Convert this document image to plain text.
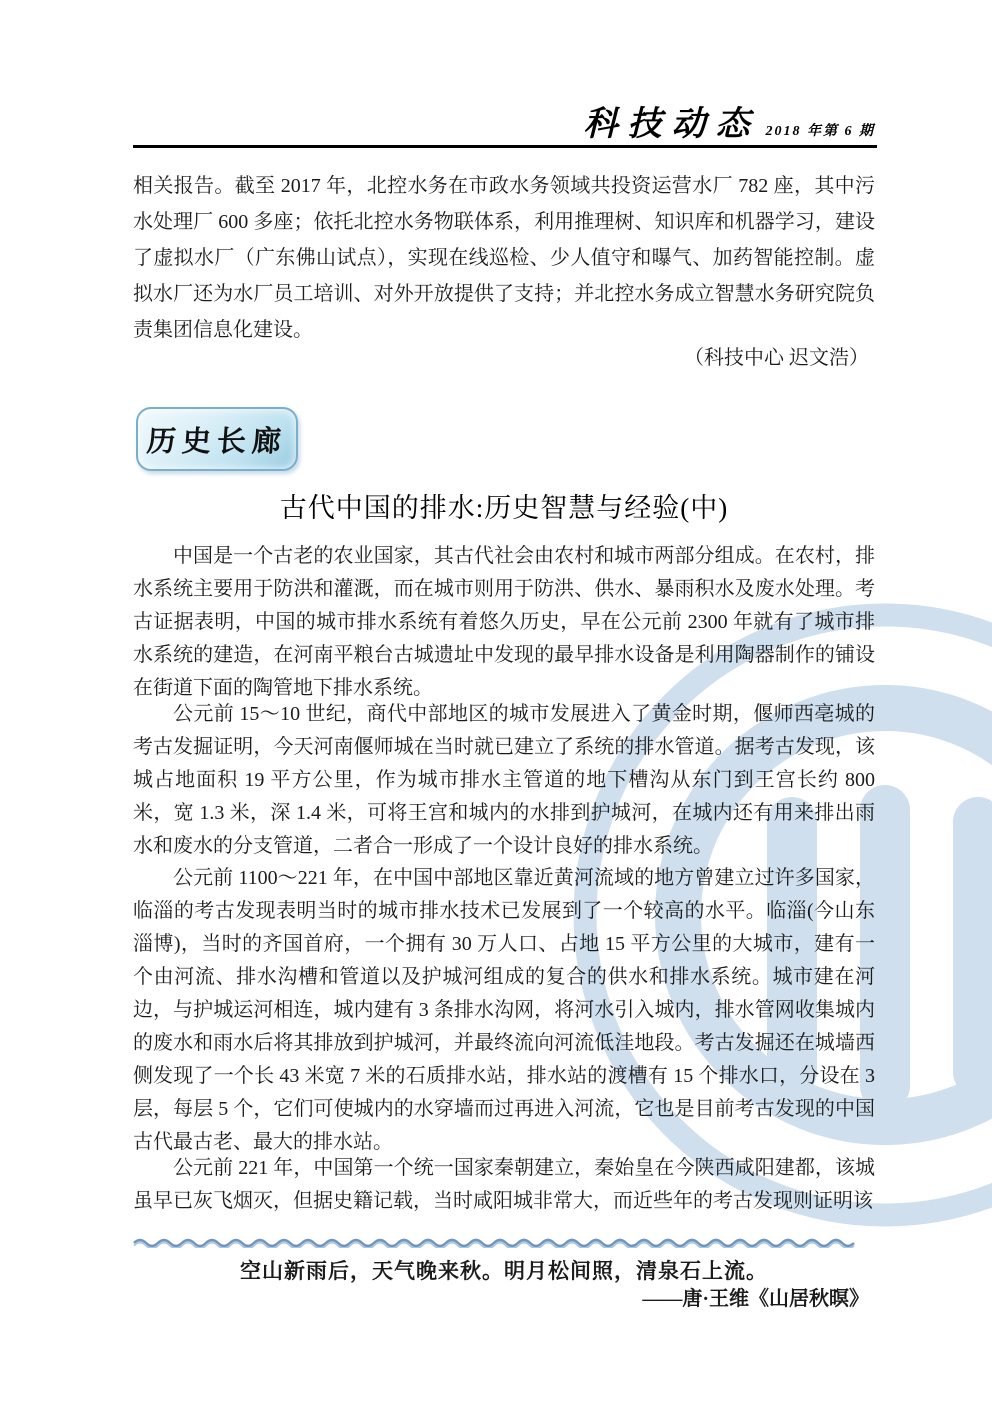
科技动态 2018 年第 6 期

相关报告。截至 2017 年，北控水务在市政水务领域共投资运营水厂 782 座，其中污水处理厂 600 多座；依托北控水务物联体系，利用推理树、知识库和机器学习，建设了虚拟水厂（广东佛山试点），实现在线巡检、少人值守和曝气、加药智能控制。虚拟水厂还为水厂员工培训、对外开放提供了支持；并北控水务成立智慧水务研究院负责集团信息化建设。

（科技中心 迟文浩）
历史长廊
古代中国的排水:历史智慧与经验(中)

中国是一个古老的农业国家，其古代社会由农村和城市两部分组成。在农村，排水系统主要用于防洪和灌溉，而在城市则用于防洪、供水、暴雨积水及废水处理。考古证据表明，中国的城市排水系统有着悠久历史，早在公元前 2300 年就有了城市排水系统的建造，在河南平粮台古城遗址中发现的最早排水设备是利用陶器制作的铺设在街道下面的陶管地下排水系统。

公元前 15～10 世纪，商代中部地区的城市发展进入了黄金时期，偃师西亳城的考古发掘证明，今天河南偃师城在当时就已建立了系统的排水管道。据考古发现，该城占地面积 19 平方公里，作为城市排水主管道的地下槽沟从东门到王宫长约 800 米，宽 1.3 米，深 1.4 米，可将王宫和城内的水排到护城河，在城内还有用来排出雨水和废水的分支管道，二者合一形成了一个设计良好的排水系统。

公元前 1100～221 年，在中国中部地区靠近黄河流域的地方曾建立过许多国家，临淄的考古发现表明当时的城市排水技术已发展到了一个较高的水平。临淄(今山东淄博)，当时的齐国首府，一个拥有 30 万人口、占地 15 平方公里的大城市，建有一个由河流、排水沟槽和管道以及护城河组成的复合的供水和排水系统。城市建在河边，与护城运河相连，城内建有 3 条排水沟网，将河水引入城内，排水管网收集城内的废水和雨水后将其排放到护城河，并最终流向河流低洼地段。考古发掘还在城墙西侧发现了一个长 43 米宽 7 米的石质排水站，排水站的渡槽有 15 个排水口，分设在 3 层，每层 5 个，它们可使城内的水穿墙而过再进入河流，它也是目前考古发现的中国古代最古老、最大的排水站。

公元前 221 年，中国第一个统一国家秦朝建立，秦始皇在今陕西咸阳建都，该城虽早已灰飞烟灭，但据史籍记载，当时咸阳城非常大，而近些年的考古发现则证明该

空山新雨后，天气晚来秋。明月松间照，清泉石上流。
——唐·王维《山居秋暝》
